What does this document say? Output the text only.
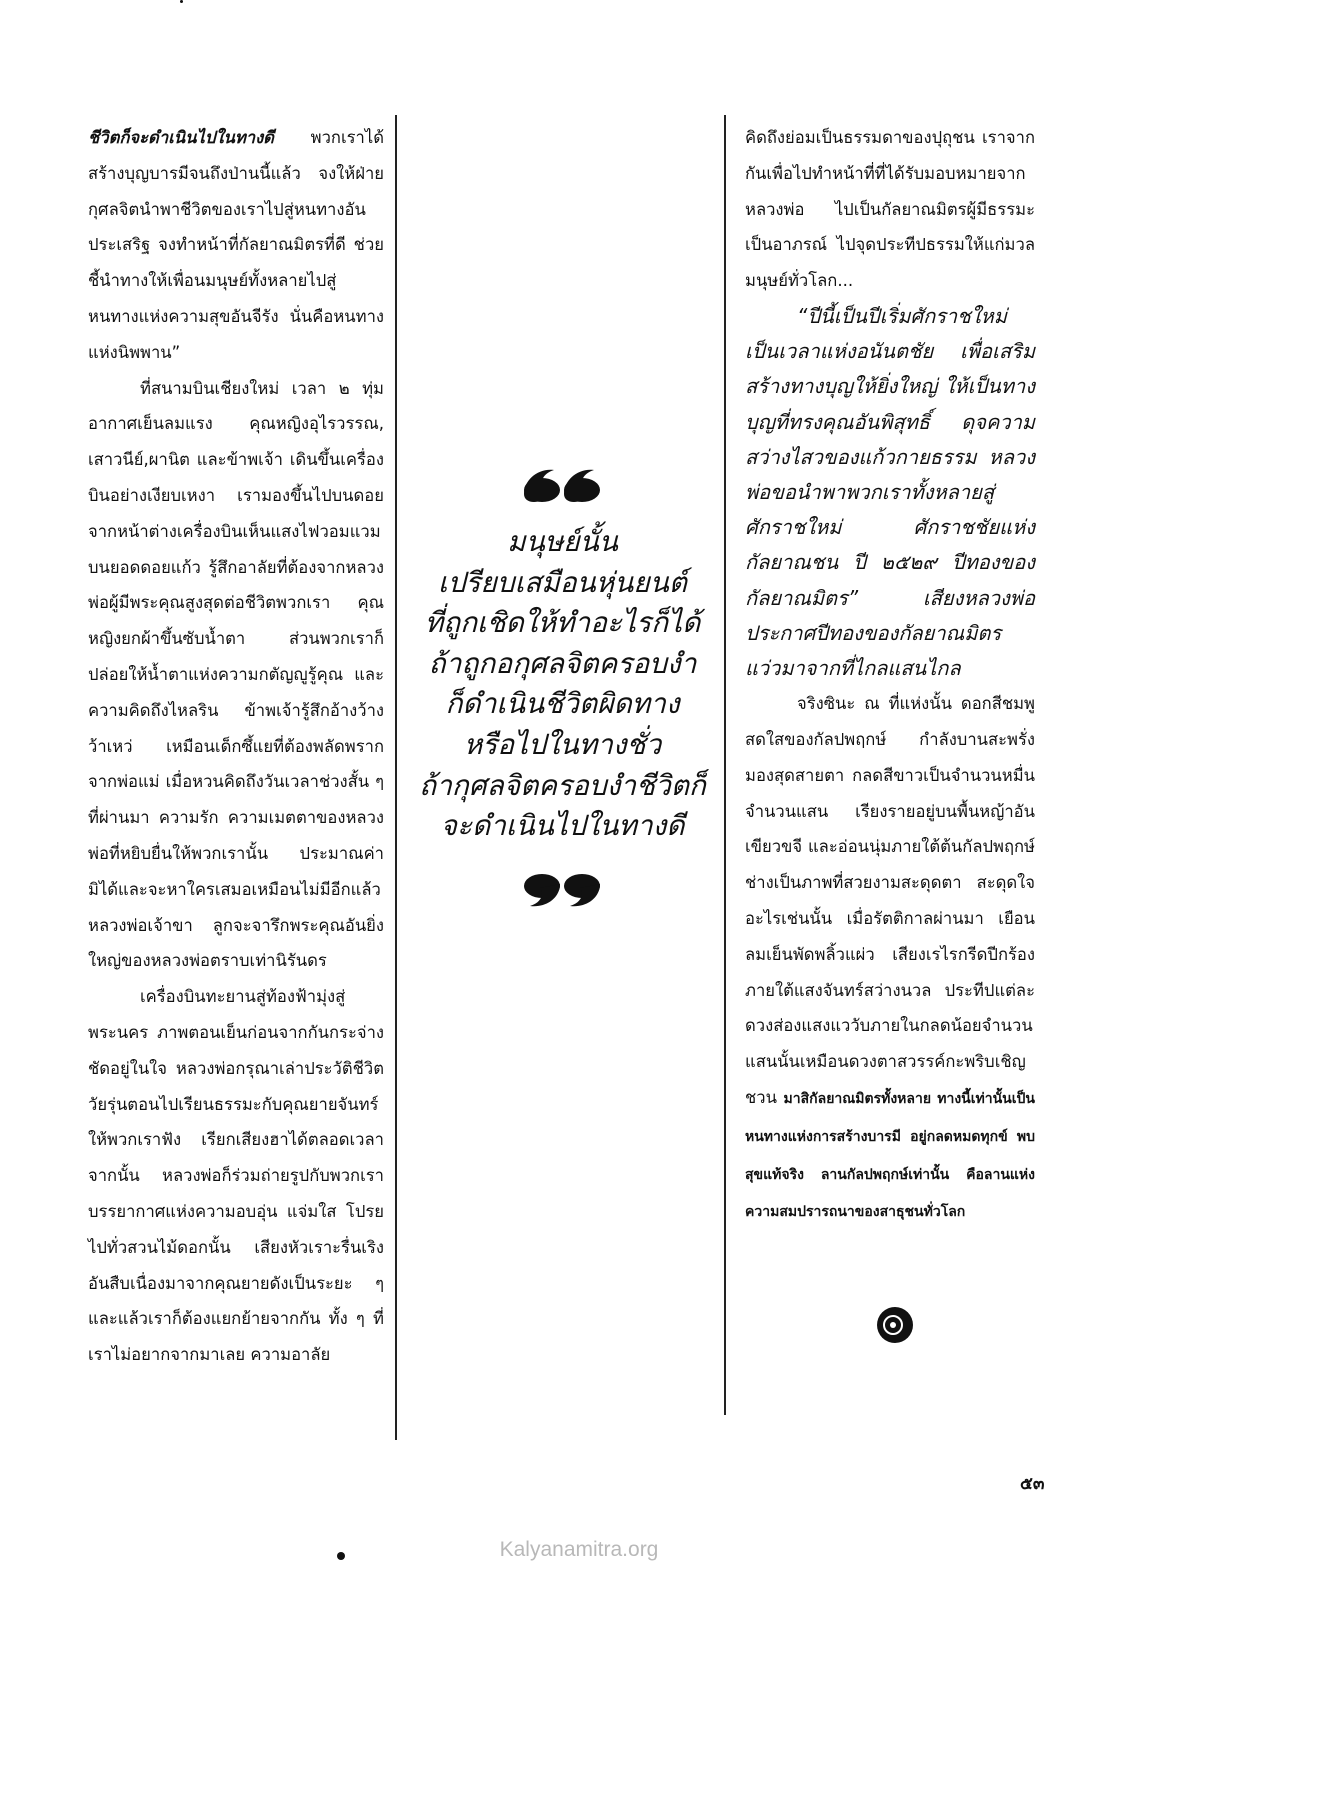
ชีวิตก็จะดำเนินไปในทางดี พวกเราได้สร้างบุญบารมีจนถึงป่านนี้แล้ว จงให้ฝ่ายกุศลจิตนำพาชีวิตของเราไปสู่หนทางอันประเสริฐ จงทำหน้าที่กัลยาณมิตรที่ดี ช่วยชี้นำทางให้เพื่อนมนุษย์ทั้งหลายไปสู่หนทางแห่งความสุขอันจีรัง นั่นคือหนทางแห่งนิพพาน”

ที่สนามบินเชียงใหม่ เวลา ๒ ทุ่ม อากาศเย็นลมแรง คุณหญิงอุไรวรรณ, เสาวนีย์,ผานิต และข้าพเจ้า เดินขึ้นเครื่องบินอย่างเงียบเหงา เรามองขึ้นไปบนดอยจากหน้าต่างเครื่องบินเห็นแสงไฟวอมแวมบนยอดดอยแก้ว รู้สึกอาลัยที่ต้องจากหลวงพ่อผู้มีพระคุณสูงสุดต่อชีวิตพวกเรา คุณหญิงยกผ้าขึ้นซับน้ำตา ส่วนพวกเราก็ปล่อยให้น้ำตาแห่งความกตัญญูรู้คุณ และความคิดถึงไหลริน ข้าพเจ้ารู้สึกอ้างว้างว้าเหว่ เหมือนเด็กซึ้แยที่ต้องพลัดพรากจากพ่อแม่ เมื่อหวนคิดถึงวันเวลาช่วงสั้น ๆ ที่ผ่านมา ความรัก ความเมตตาของหลวงพ่อที่หยิบยื่นให้พวกเรานั้น ประมาณค่ามิได้และจะหาใครเสมอเหมือนไม่มีอีกแล้ว หลวงพ่อเจ้าขา ลูกจะจารึกพระคุณอันยิ่งใหญ่ของหลวงพ่อตราบเท่านิรันดร

เครื่องบินทะยานสู่ท้องฟ้ามุ่งสู่พระนคร ภาพตอนเย็นก่อนจากกันกระจ่างชัดอยู่ในใจ หลวงพ่อกรุณาเล่าประวัติชีวิตวัยรุ่นตอนไปเรียนธรรมะกับคุณยายจันทร์ให้พวกเราฟัง เรียกเสียงฮาได้ตลอดเวลา จากนั้น หลวงพ่อก็ร่วมถ่ายรูปกับพวกเรา บรรยากาศแห่งความอบอุ่น แจ่มใส โปรยไปทั่วสวนไม้ดอกนั้น เสียงหัวเราะรื่นเริงอันสืบเนื่องมาจากคุณยายดังเป็นระยะ ๆ และแล้วเราก็ต้องแยกย้ายจากกัน ทั้ง ๆ ที่เราไม่อยากจากมาเลย ความอาลัย

มนุษย์นั้น
เปรียบเสมือนหุ่นยนต์
ที่ถูกเชิดให้ทำอะไรก็ได้
ถ้าถูกอกุศลจิตครอบงำ
ก็ดำเนินชีวิตผิดทาง
หรือไปในทางชั่ว
ถ้ากุศลจิตครอบงำชีวิตก็
จะดำเนินไปในทางดี

คิดถึงย่อมเป็นธรรมดาของปุถุชน เราจากกันเพื่อไปทำหน้าที่ที่ได้รับมอบหมายจากหลวงพ่อ ไปเป็นกัลยาณมิตรผู้มีธรรมะเป็นอาภรณ์ ไปจุดประทีปธรรมให้แก่มวลมนุษย์ทั่วโลก...

“ปีนี้เป็นปีเริ่มศักราชใหม่ เป็นเวลาแห่งอนันตชัย เพื่อเสริมสร้างทางบุญให้ยิ่งใหญ่ ให้เป็นทางบุญที่ทรงคุณอันพิสุทธิ์ ดุจความสว่างไสวของแก้วกายธรรม หลวงพ่อขอนำพาพวกเราทั้งหลายสู่ศักราชใหม่ ศักราชชัยแห่งกัลยาณชน ปี ๒๕๒๙ ปีทองของกัลยาณมิตร” เสียงหลวงพ่อประกาศปีทองของกัลยาณมิตรแว่วมาจากที่ไกลแสนไกล

จริงซินะ ณ ที่แห่งนั้น ดอกสีชมพูสดใสของกัลปพฤกษ์ กำลังบานสะพรั่งมองสุดสายตา กลดสีขาวเป็นจำนวนหมื่นจำนวนแสน เรียงรายอยู่บนพื้นหญ้าอันเขียวขจี และอ่อนนุ่มภายใต้ต้นกัลปพฤกษ์ ช่างเป็นภาพที่สวยงามสะดุดตา สะดุดใจอะไรเช่นนั้น เมื่อรัตติกาลผ่านมา เยือนลมเย็นพัดพลิ้วแผ่ว เสียงเรไรกรีดปีกร้องภายใต้แสงจันทร์สว่างนวล ประทีปแต่ละดวงส่องแสงแววับภายในกลดน้อยจำนวนแสนนั้นเหมือนดวงตาสวรรค์กะพริบเชิญชวน มาสิกัลยาณมิตรทั้งหลาย ทางนี้เท่านั้นเป็นหนทางแห่งการสร้างบารมี อยู่กลดหมดทุกข์ พบสุขแท้จริง ลานกัลปพฤกษ์เท่านั้น คือลานแห่งความสมปรารถนาของสาธุชนทั่วโลก

๕๓
Kalyanamitra.org
